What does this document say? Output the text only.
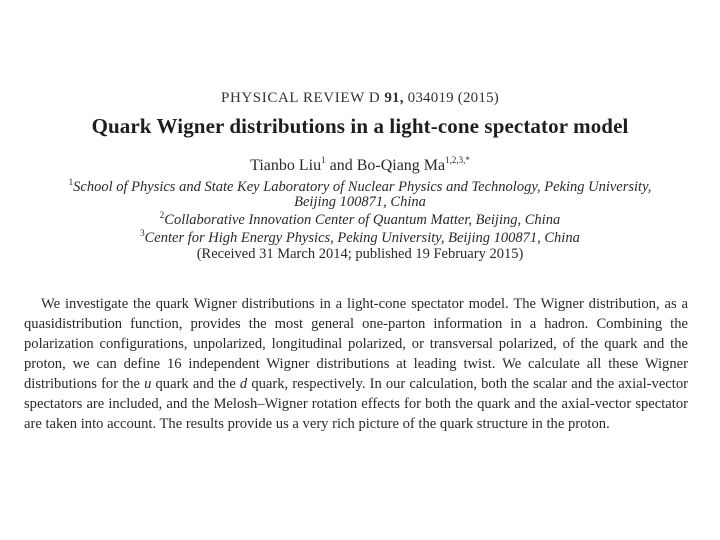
PHYSICAL REVIEW D 91, 034019 (2015)
Quark Wigner distributions in a light-cone spectator model
Tianbo Liu$^1$ and Bo-Qiang $Ma^{1,2,3,*}$
$^1$School of Physics and State Key Laboratory of Nuclear Physics and Technology, Peking University,
Beijing 100871, China
$^2$Collaborative Innovation Center of Quantum Matter, Beijing, China
$^3$Center for High Energy Physics, Peking University, Beijing 100871, China
(Received 31 March 2014; published 19 February 2015)
We investigate the quark Wigner distributions in a light-cone spectator model. The Wigner distribution, as a quasidistribution function, provides the most general one-parton information in a hadron. Combining the polarization configurations, unpolarized, longitudinal polarized, or transversal polarized, of the quark and the proton, we can define 16 independent Wigner distributions at leading twist. We calculate all these Wigner distributions for the u quark and the d quark, respectively. In our calculation, both the scalar and the axial-vector spectators are included, and the Melosh–Wigner rotation effects for both the quark and the axial-vector spectator are taken into account. The results provide us a very rich picture of the quark structure in the proton.
